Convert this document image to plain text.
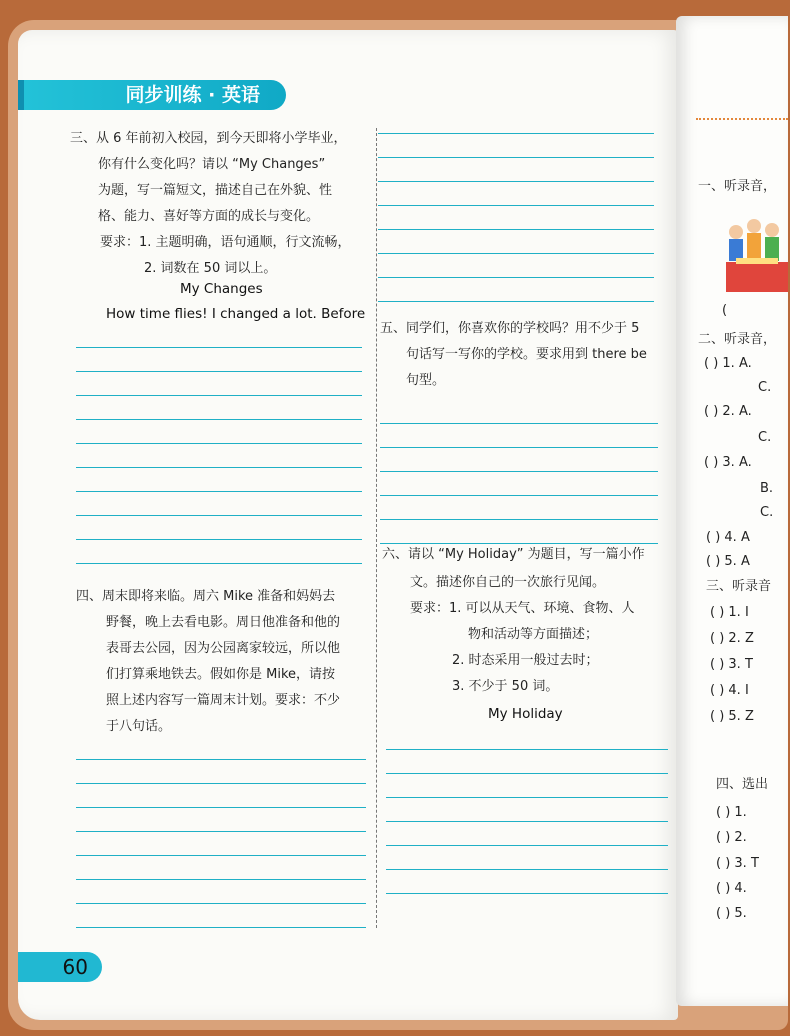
同步训练 · 英语
三、从 6 年前初入校园，到今天即将小学毕业，
你有什么变化吗？请以 “My Changes”
为题，写一篇短文，描述自己在外貌、性
格、能力、喜好等方面的成长与变化。
要求：1. 主题明确，语句通顺，行文流畅，
2. 词数在 50 词以上。
My Changes
How time flies! I changed a lot. Before
四、周末即将来临。周六 Mike 准备和妈妈去
野餐，晚上去看电影。周日他准备和他的
表哥去公园，因为公园离家较远，所以他
们打算乘地铁去。假如你是 Mike，请按
照上述内容写一篇周末计划。要求：不少
于八句话。
五、同学们，你喜欢你的学校吗？用不少于 5
句话写一写你的学校。要求用到 there be
句型。
六、请以 “My Holiday” 为题目，写一篇小作
文。描述你自己的一次旅行见闻。
要求：1. 可以从天气、环境、食物、人
物和活动等方面描述；
2. 时态采用一般过去时；
3. 不少于 50 词。
My Holiday
60
一、听录音，
(
二、听录音，
( ) 1. A.
C.
( ) 2. A.
C.
( ) 3. A.
B.
C.
( ) 4. A
( ) 5. A
三、听录音
( ) 1. I
( ) 2. Z
( ) 3. T
( ) 4. I
( ) 5. Z
四、选出
( ) 1.
( ) 2.
( ) 3. T
( ) 4.
( ) 5.
